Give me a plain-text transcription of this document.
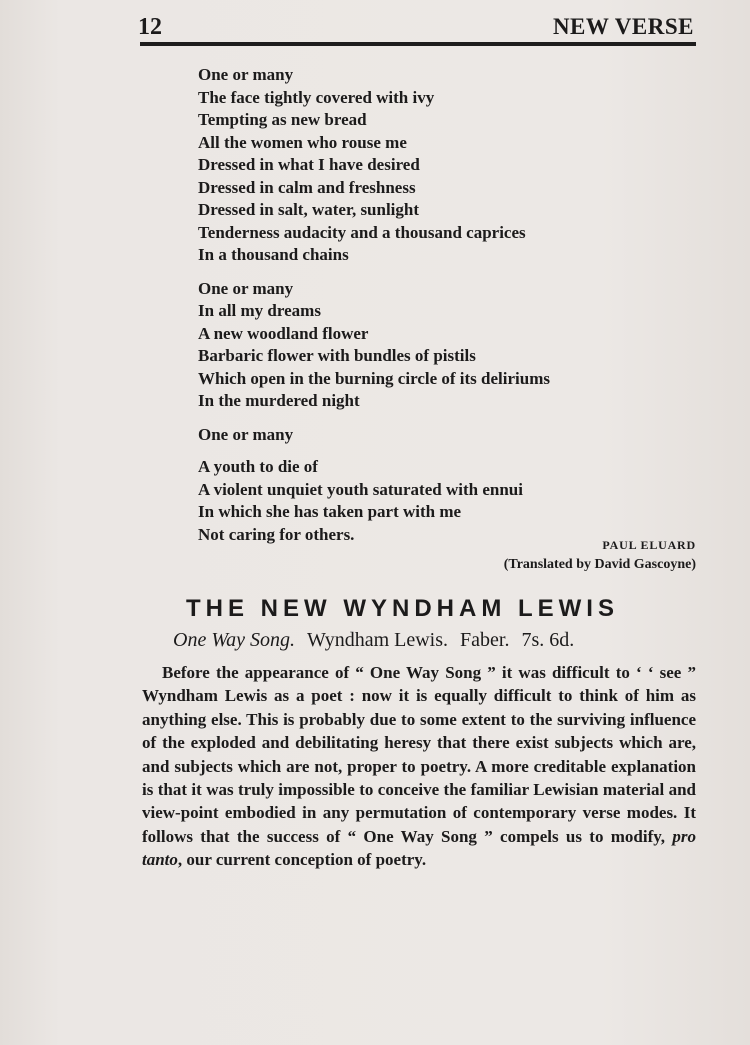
12	NEW VERSE
One or many
The face tightly covered with ivy
Tempting as new bread
All the women who rouse me
Dressed in what I have desired
Dressed in calm and freshness
Dressed in salt, water, sunlight
Tenderness audacity and a thousand caprices
In a thousand chains
One or many
In all my dreams
A new woodland flower
Barbaric flower with bundles of pistils
Which open in the burning circle of its deliriums
In the murdered night
One or many
A youth to die of
A violent unquiet youth saturated with ennui
In which she has taken part with me
Not caring for others.
PAUL ELUARD
(Translated by David Gascoyne)
THE NEW WYNDHAM LEWIS
One Way Song. Wyndham Lewis. Faber. 7s. 6d.

Before the appearance of “ One Way Song ” it was difficult to ‘ ‘ see ” Wyndham Lewis as a poet : now it is equally difficult to think of him as anything else. This is probably due to some extent to the surviving influence of the exploded and debilitating heresy that there exist subjects which are, and subjects which are not, proper to poetry. A more creditable explanation is that it was truly impossible to conceive the familiar Lewisian material and view-point embodied in any permutation of contemporary verse modes. It follows that the success of “ One Way Song ” compels us to modify, pro tanto, our current conception of poetry.
